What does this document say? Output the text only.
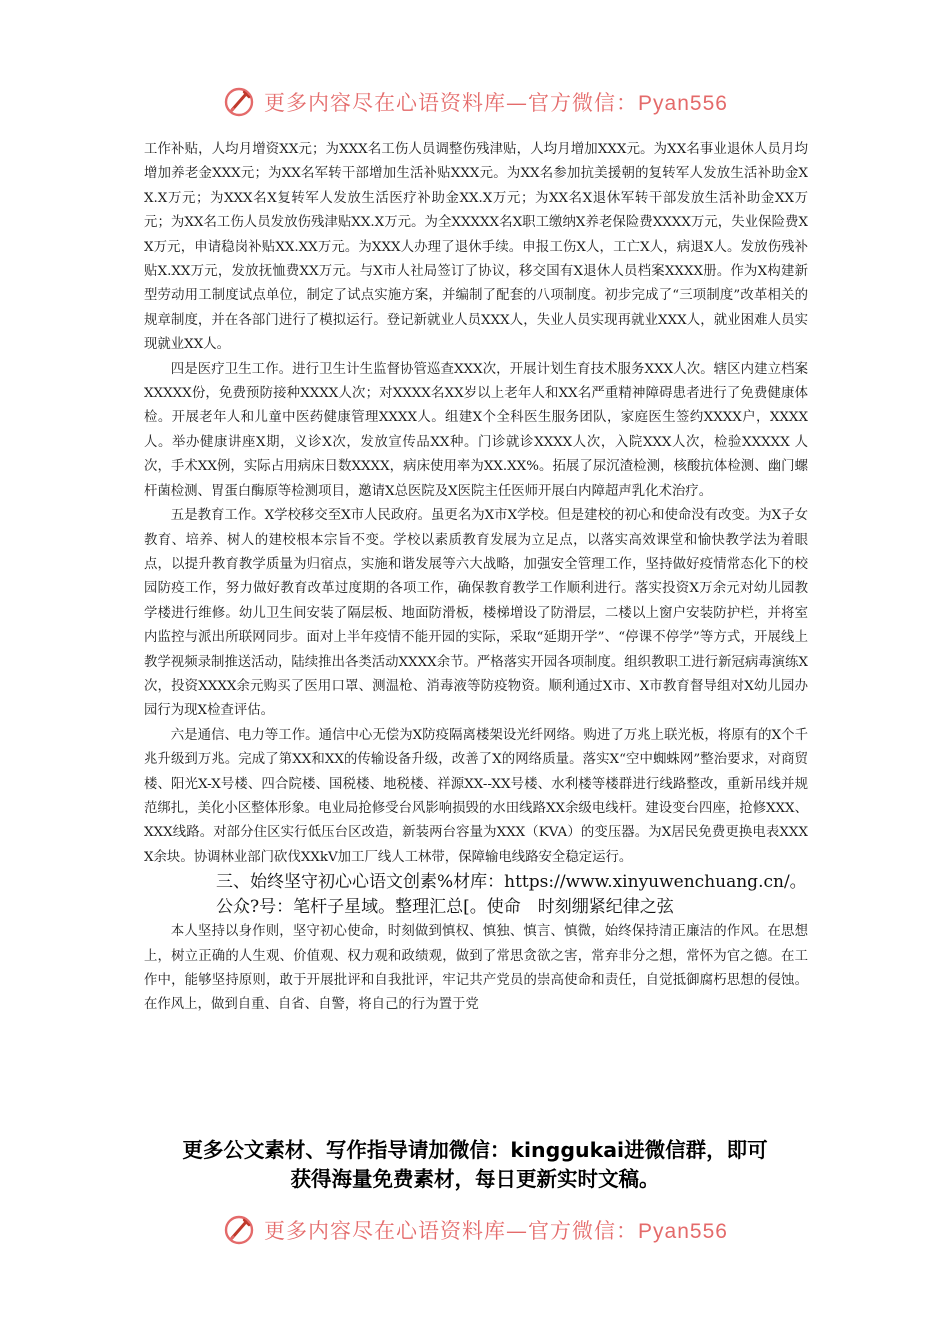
更多内容尽在心语资料库—官方微信：Pyan556

工作补贴，人均月增资XX元；为XXX名工伤人员调整伤残津贴，人均月增加XXX元。为XX名事业退休人员月均增加养老金XXX元；为XX名军转干部增加生活补贴XXX元。为XX名参加抗美援朝的复转军人发放生活补助金XX.X万元；为XXX名X复转军人发放生活医疗补助金XX.X万元；为XX名X退休军转干部发放生活补助金XX万元；为XX名工伤人员发放伤残津贴XX.X万元。为全XXXXX名X职工缴纳X养老保险费XXXX万元，失业保险费XX万元，申请稳岗补贴XX.XX万元。为XXX人办理了退休手续。申报工伤X人，工亡X人，病退X人。发放伤残补贴X.XX万元，发放抚恤费XX万元。与X市人社局签订了协议，移交国有X退休人员档案XXXX册。作为X构建新型劳动用工制度试点单位，制定了试点实施方案，并编制了配套的八项制度。初步完成了“三项制度”改革相关的规章制度，并在各部门进行了模拟运行。登记新就业人员XXX人，失业人员实现再就业XXX人，就业困难人员实现就业XX人。

四是医疗卫生工作。进行卫生计生监督协管巡查XXX次，开展计划生育技术服务XXX人次。辖区内建立档案XXXXX份，免费预防接种XXXX人次；对XXXX名XX岁以上老年人和XX名严重精神障碍患者进行了免费健康体检。开展老年人和儿童中医药健康管理XXXX人。组建X个全科医生服务团队，家庭医生签约XXXX户，XXXX人。举办健康讲座X期，义诊X次，发放宣传品XX种。门诊就诊XXXX人次，入院XXX人次，检验XXXXX 人次，手术XX例，实际占用病床日数XXXX，病床使用率为XX.XX%。拓展了尿沉渣检测，核酸抗体检测、幽门螺杆菌检测、胃蛋白酶原等检测项目，邀请X总医院及X医院主任医师开展白内障超声乳化术治疗。

五是教育工作。X学校移交至X市人民政府。虽更名为X市X学校。但是建校的初心和使命没有改变。为X子女教育、培养、树人的建校根本宗旨不变。学校以素质教育发展为立足点，以落实高效课堂和愉快教学法为着眼点，以提升教育教学质量为归宿点，实施和谐发展等六大战略，加强安全管理工作，坚持做好疫情常态化下的校园防疫工作，努力做好教育改革过度期的各项工作，确保教育教学工作顺利进行。落实投资X万余元对幼儿园教学楼进行维修。幼儿卫生间安装了隔层板、地面防滑板，楼梯增设了防滑层，二楼以上窗户安装防护栏，并将室内监控与派出所联网同步。面对上半年疫情不能开园的实际，采取“延期开学”、“停课不停学”等方式，开展线上教学视频录制推送活动，陆续推出各类活动XXXX余节。严格落实开园各项制度。组织教职工进行新冠病毒演练X次，投资XXXX余元购买了医用口罩、测温枪、消毒液等防疫物资。顺利通过X市、X市教育督导组对X幼儿园办园行为现X检查评估。

六是通信、电力等工作。通信中心无偿为X防疫隔离楼架设光纤网络。购进了万兆上联光板，将原有的X个千兆升级到万兆。完成了第XX和XX的传输设备升级，改善了X的网络质量。落实X“空中蜘蛛网”整治要求，对商贸楼、阳光X-X号楼、四合院楼、国税楼、地税楼、祥源XX--XX号楼、水利楼等楼群进行线路整改，重新吊线并规范绑扎，美化小区整体形象。电业局抢修受台风影响损毁的水田线路XX余级电线杆。建设变台四座，抢修XXX、XXX线路。对部分住区实行低压台区改造，新装两台容量为XXX（KVA）的变压器。为X居民免费更换电表XXXX余块。协调林业部门砍伐XXkV加工厂线人工林带，保障输电线路安全稳定运行。

三、始终坚守初心心语文创素%材库：https://www.xinyuwenchuang.cn/。公众?号：笔杆子星域。整理汇总[。使命　时刻绷紧纪律之弦

本人坚持以身作则，坚守初心使命，时刻做到慎权、慎独、慎言、慎微，始终保持清正廉洁的作风。在思想上，树立正确的人生观、价值观、权力观和政绩观，做到了常思贪欲之害，常弃非分之想，常怀为官之德。在工作中，能够坚持原则，敢于开展批评和自我批评，牢记共产党员的崇高使命和责任，自觉抵御腐朽思想的侵蚀。在作风上，做到自重、自省、自警，将自己的行为置于党

更多公文素材、写作指导请加微信：kinggukai进微信群，即可
获得海量免费素材，每日更新实时文稿。
更多内容尽在心语资料库—官方微信：Pyan556
